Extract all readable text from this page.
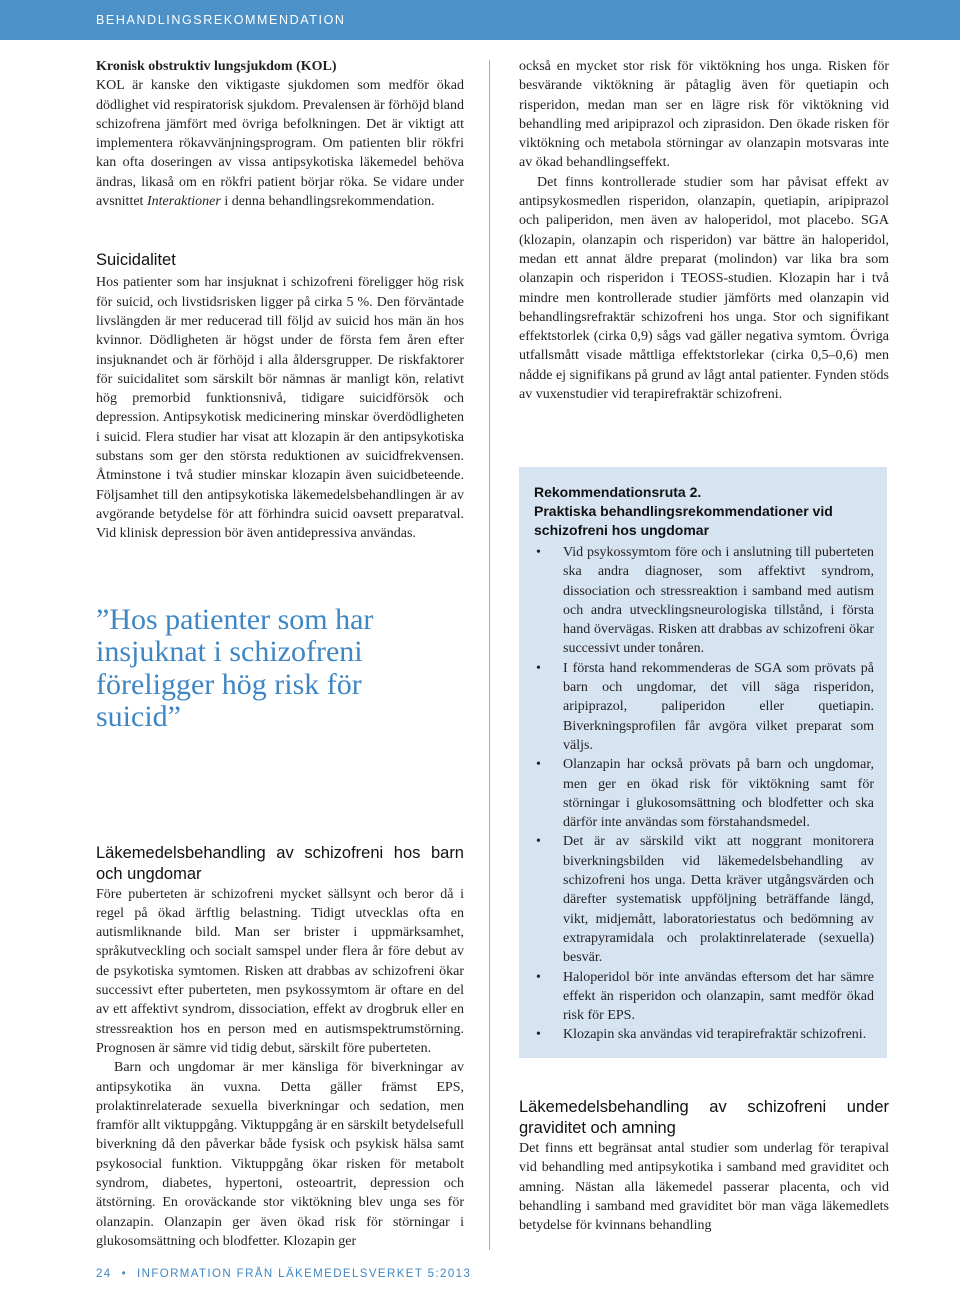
BEHANDLINGSREKOMMENDATION
Kronisk obstruktiv lungsjukdom (KOL)

KOL är kanske den viktigaste sjukdomen som medför ökad dödlighet vid respiratorisk sjukdom. Prevalensen är förhöjd bland schizofrena jämfört med övriga befolkningen. Det är viktigt att implementera rökavvänjningsprogram. Om patienten blir rökfri kan ofta doseringen av vissa antipsykotiska läkemedel behöva ändras, likaså om en rökfri patient börjar röka. Se vidare under avsnittet Interaktioner i denna behandlingsrekommendation.

Suicidalitet

Hos patienter som har insjuknat i schizofreni föreligger hög risk för suicid, och livstidsrisken ligger på cirka 5 %. Den förväntade livslängden är mer reducerad till följd av suicid hos män än hos kvinnor. Dödligheten är högst under de första fem åren efter insjuknandet och är förhöjd i alla åldersgrupper. De riskfaktorer för suicidalitet som särskilt bör nämnas är manligt kön, relativt hög premorbid funktionsnivå, tidigare suicidförsök och depression. Antipsykotisk medicinering minskar överdödligheten i suicid. Flera studier har visat att klozapin är den antipsykotiska substans som ger den största reduktionen av suicidfrekvensen. Åtminstone i två studier minskar klozapin även suicidbeteende. Följsamhet till den antipsykotiska läkemedelsbehandlingen är av avgörande betydelse för att förhindra suicid oavsett preparatval. Vid klinisk depression bör även antidepressiva användas.

”Hos patienter som har insjuknat i schizofreni föreligger hög risk för suicid”
Läkemedelsbehandling av schizofreni hos barn och ungdomar

Före puberteten är schizofreni mycket sällsynt och beror då i regel på ökad ärftlig belastning. Tidigt utvecklas ofta en autismliknande bild. Man ser brister i uppmärksamhet, språkutveckling och socialt samspel under flera år före debut av de psykotiska symtomen. Risken att drabbas av schizofreni ökar successivt efter puberteten, men psykossymtom är oftare en del av ett affektivt syndrom, dissociation, effekt av drogbruk eller en stressreaktion hos en person med en autismspektrumstörning. Prognosen är sämre vid tidig debut, särskilt före puberteten.

Barn och ungdomar är mer känsliga för biverkningar av antipsykotika än vuxna. Detta gäller främst EPS, prolaktinrelaterade sexuella biverkningar och sedation, men framför allt viktuppgång. Viktuppgång är en särskilt betydelsefull biverkning då den påverkar både fysisk och psykisk hälsa samt psykosocial funktion. Viktuppgång ökar risken för metabolt syndrom, diabetes, hypertoni, osteoartrit, depression och ätstörning. En oroväckande stor viktökning blev unga ses för olanzapin. Olanzapin ger även ökad risk för störningar i glukosomsättning och blodfetter. Klozapin ger

också en mycket stor risk för viktökning hos unga. Risken för besvärande viktökning är påtaglig även för quetiapin och risperidon, medan man ser en lägre risk för viktökning vid behandling med aripiprazol och ziprasidon. Den ökade risken för viktökning och metabola störningar av olanzapin motsvaras inte av ökad behandlingseffekt.

Det finns kontrollerade studier som har påvisat effekt av antipsykosmedlen risperidon, olanzapin, quetiapin, aripiprazol och paliperidon, men även av haloperidol, mot placebo. SGA (klozapin, olanzapin och risperidon) var bättre än haloperidol, medan ett annat äldre preparat (molindon) var lika bra som olanzapin och risperidon i TEOSS-studien. Klozapin har i två mindre men kontrollerade studier jämförts med olanzapin vid behandlingsrefraktär schizofreni hos unga. Stor och signifikant effektstorlek (cirka 0,9) sågs vad gäller negativa symtom. Övriga utfallsmått visade måttliga effektstorlekar (cirka 0,5–0,6) men nådde ej signifikans på grund av lågt antal patienter. Fynden stöds av vuxenstudier vid terapirefraktär schizofreni.

Rekommendationsruta 2.
Praktiska behandlingsrekommendationer vid schizofreni hos ungdomar
• Vid psykossymtom före och i anslutning till puberteten ska andra diagnoser, som affektivt syndrom, dissociation och stressreaktion i samband med autism och andra utvecklingsneurologiska tillstånd, i första hand övervägas. Risken att drabbas av schizofreni ökar successivt under tonåren.
• I första hand rekommenderas de SGA som prövats på barn och ungdomar, det vill säga risperidon, aripiprazol, paliperidon eller quetiapin. Biverkningsprofilen får avgöra vilket preparat som väljs.
• Olanzapin har också prövats på barn och ungdomar, men ger en ökad risk för viktökning samt för störningar i glukosomsättning och blodfetter och ska därför inte användas som förstahandsmedel.
• Det är av särskild vikt att noggrant monitorera biverkningsbilden vid läkemedelsbehandling av schizofreni hos unga. Detta kräver utgångsvärden och därefter systematisk uppföljning beträffande längd, vikt, midjemått, laboratoriestatus och bedömning av extrapyramidala och prolaktinrelaterade (sexuella) besvär.
• Haloperidol bör inte användas eftersom det har sämre effekt än risperidon och olanzapin, samt medför ökad risk för EPS.
• Klozapin ska användas vid terapirefraktär schizofreni.
Läkemedelsbehandling av schizofreni under graviditet och amning

Det finns ett begränsat antal studier som underlag för terapival vid behandling med antipsykotika i samband med graviditet och amning. Nästan alla läkemedel passerar placenta, och vid behandling i samband med graviditet bör man väga läkemedlets betydelse för kvinnans behandling

24 • INFORMATION FRÅN LÄKEMEDELSVERKET 5:2013
